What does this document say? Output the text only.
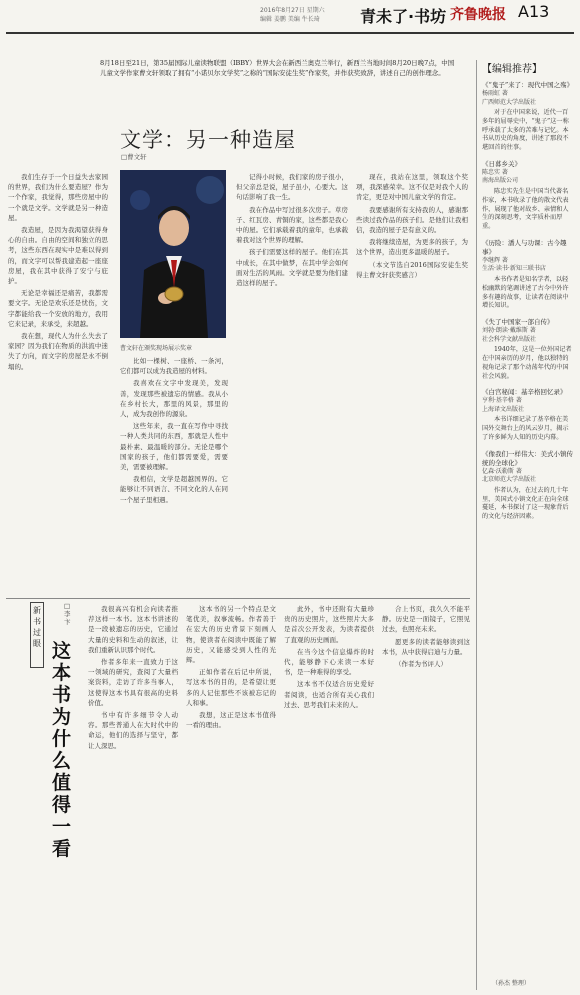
2016年8月27日 星期六
编辑 姜鹏 美编 牛长琦	青未了·书坊 齐鲁晚报 A13
8月18日至21日，第35届国际儿童读物联盟（IBBY）世界大会在新西兰奥克兰举行，新西兰当地时间8月20日晚7点，中国儿童文学作家曹文轩领取了拥有“小诺贝尔文学奖”之称的“国际安徒生奖”作家奖，并作获奖致辞，讲述自己的创作理念。
文学：另一种造屋
□曹文轩
曹文轩在颁奖现场展示奖章

我们生存于一个日益失去家园的世界，我们为什么要造屋？作为一个作家，我觉得，那些房屋中的一个就是文学。文学就是另一种造屋。

我造屋，是因为我渴望获得身心的自由。自由的空间和独立的思考，这些东西在现实中是难以得到的，而文字可以帮我建造起一座座房屋，我在其中获得了安宁与庇护。

无论是幸福还是痛苦，我都需要文字。无论是欢乐还是忧伤，文字都能给我一个安放的地方，我用它来记录，来承受，来超越。

我在想，现代人为什么失去了家园？因为我们在物质的洪流中迷失了方向，而文字的房屋是永不倒塌的。

比如一棵树、一座桥、一条河，它们都可以成为我造屋的材料。

我喜欢在文字中发现美，发现善，发现那些被遗忘的情感。我从小在乡村长大，那里的风景，那里的人，成为我创作的源泉。

这些年来，我一直在写作中寻找一种人类共同的东西，那就是人性中最朴素、最温暖的部分。无论是哪个国家的孩子，他们都需要爱，需要美，需要被理解。

我相信，文学是超越国界的。它能够让不同语言、不同文化的人在同一个屋子里相遇。

记得小时候，我们家的房子很小，但父亲总是说，屋子虽小，心要大。这句话影响了我一生。

我在作品中写过很多次房子。草房子、红瓦房、青铜的家，这些都是我心中的屋。它们承载着我的童年，也承载着我对这个世界的理解。

孩子们需要这样的屋子。他们在其中成长，在其中做梦，在其中学会如何面对生活的风雨。文学就是要为他们建造这样的屋子。

现在，我站在这里，领取这个奖项，我深感荣幸。这不仅是对我个人的肯定，更是对中国儿童文学的肯定。

我要感谢所有支持我的人，感谢那些读过我作品的孩子们。是他们让我相信，我造的屋子是有意义的。

我将继续造屋，为更多的孩子，为这个世界，造出更多温暖的屋子。

（本文节选自2016国际安徒生奖得主曹文轩获奖感言）

新书过眼
□李卞
这本书为什么值得一看

我很高兴有机会向读者推荐这样一本书。这本书讲述的是一段被遗忘的历史，它通过大量的史料和生动的叙述，让我们重新认识那个时代。

作者多年来一直致力于这一领域的研究，查阅了大量档案资料，走访了许多当事人，这使得这本书具有很高的史料价值。

书中有许多细节令人动容。那些普通人在大时代中的命运，他们的选择与坚守，都让人深思。

这本书的另一个特点是文笔优美，叙事流畅。作者善于在宏大的历史背景下刻画人物，使读者在阅读中既能了解历史，又能感受到人性的光辉。

正如作者在后记中所说，写这本书的目的，是希望让更多的人记住那些不该被忘记的人和事。

我想，这正是这本书值得一看的理由。

此外，书中还附有大量珍贵的历史照片，这些照片大多是首次公开发表，为读者提供了直观的历史画面。

在当今这个信息爆炸的时代，能够静下心来读一本好书，是一种难得的享受。

这本书不仅适合历史爱好者阅读，也适合所有关心我们过去、思考我们未来的人。

合上书页，我久久不能平静。历史是一面镜子，它照见过去，也照亮未来。

愿更多的读者能够读到这本书，从中获得启迪与力量。

（作者为书评人）

【编辑推荐】
《“鬼子”来了：现代中国之殇》
杨雨虹 著
广西师范大学出版社
对于在中国来说，近代一百多年的屈辱史中，“鬼子”这一称呼承载了太多的苦难与记忆。本书从历史的角度，讲述了那段不堪回首的往事。
《日暮乡关》
陈忠实 著
南海出版公司
陈忠实先生是中国当代著名作家，本书收录了他的散文代表作，展现了他对故乡、亲情和人生的深刻思考，文字质朴而厚重。
《历险：潘人与功课：古今趣事》
李继辉 著
生活·读书·新知三联书店
本书作者是知名学者，以轻松幽默的笔调讲述了古今中外许多有趣的故事，让读者在阅读中增长知识。
《失了中国家一部自传》
刘勃·朗读·戴维斯 著
社会科学文献出版社
1940年，这是一位外国记者在中国亲历的岁月，他以独特的视角记录了那个动荡年代的中国社会风貌。
《白宫秘闻：基辛格回忆录》
亨利·基辛格 著
上海译文出版社
本书详细记录了基辛格在美国外交舞台上的风云岁月，揭示了许多鲜为人知的历史内幕。
《像我们一样伟大：美式小镇传统的全球化》
亿森·沃勒斯 著
北京师范大学出版社
作者认为，在过去的几十年里，美国式小镇文化正在向全球蔓延，本书探讨了这一现象背后的文化与经济因素。
（孙杰 整理）
